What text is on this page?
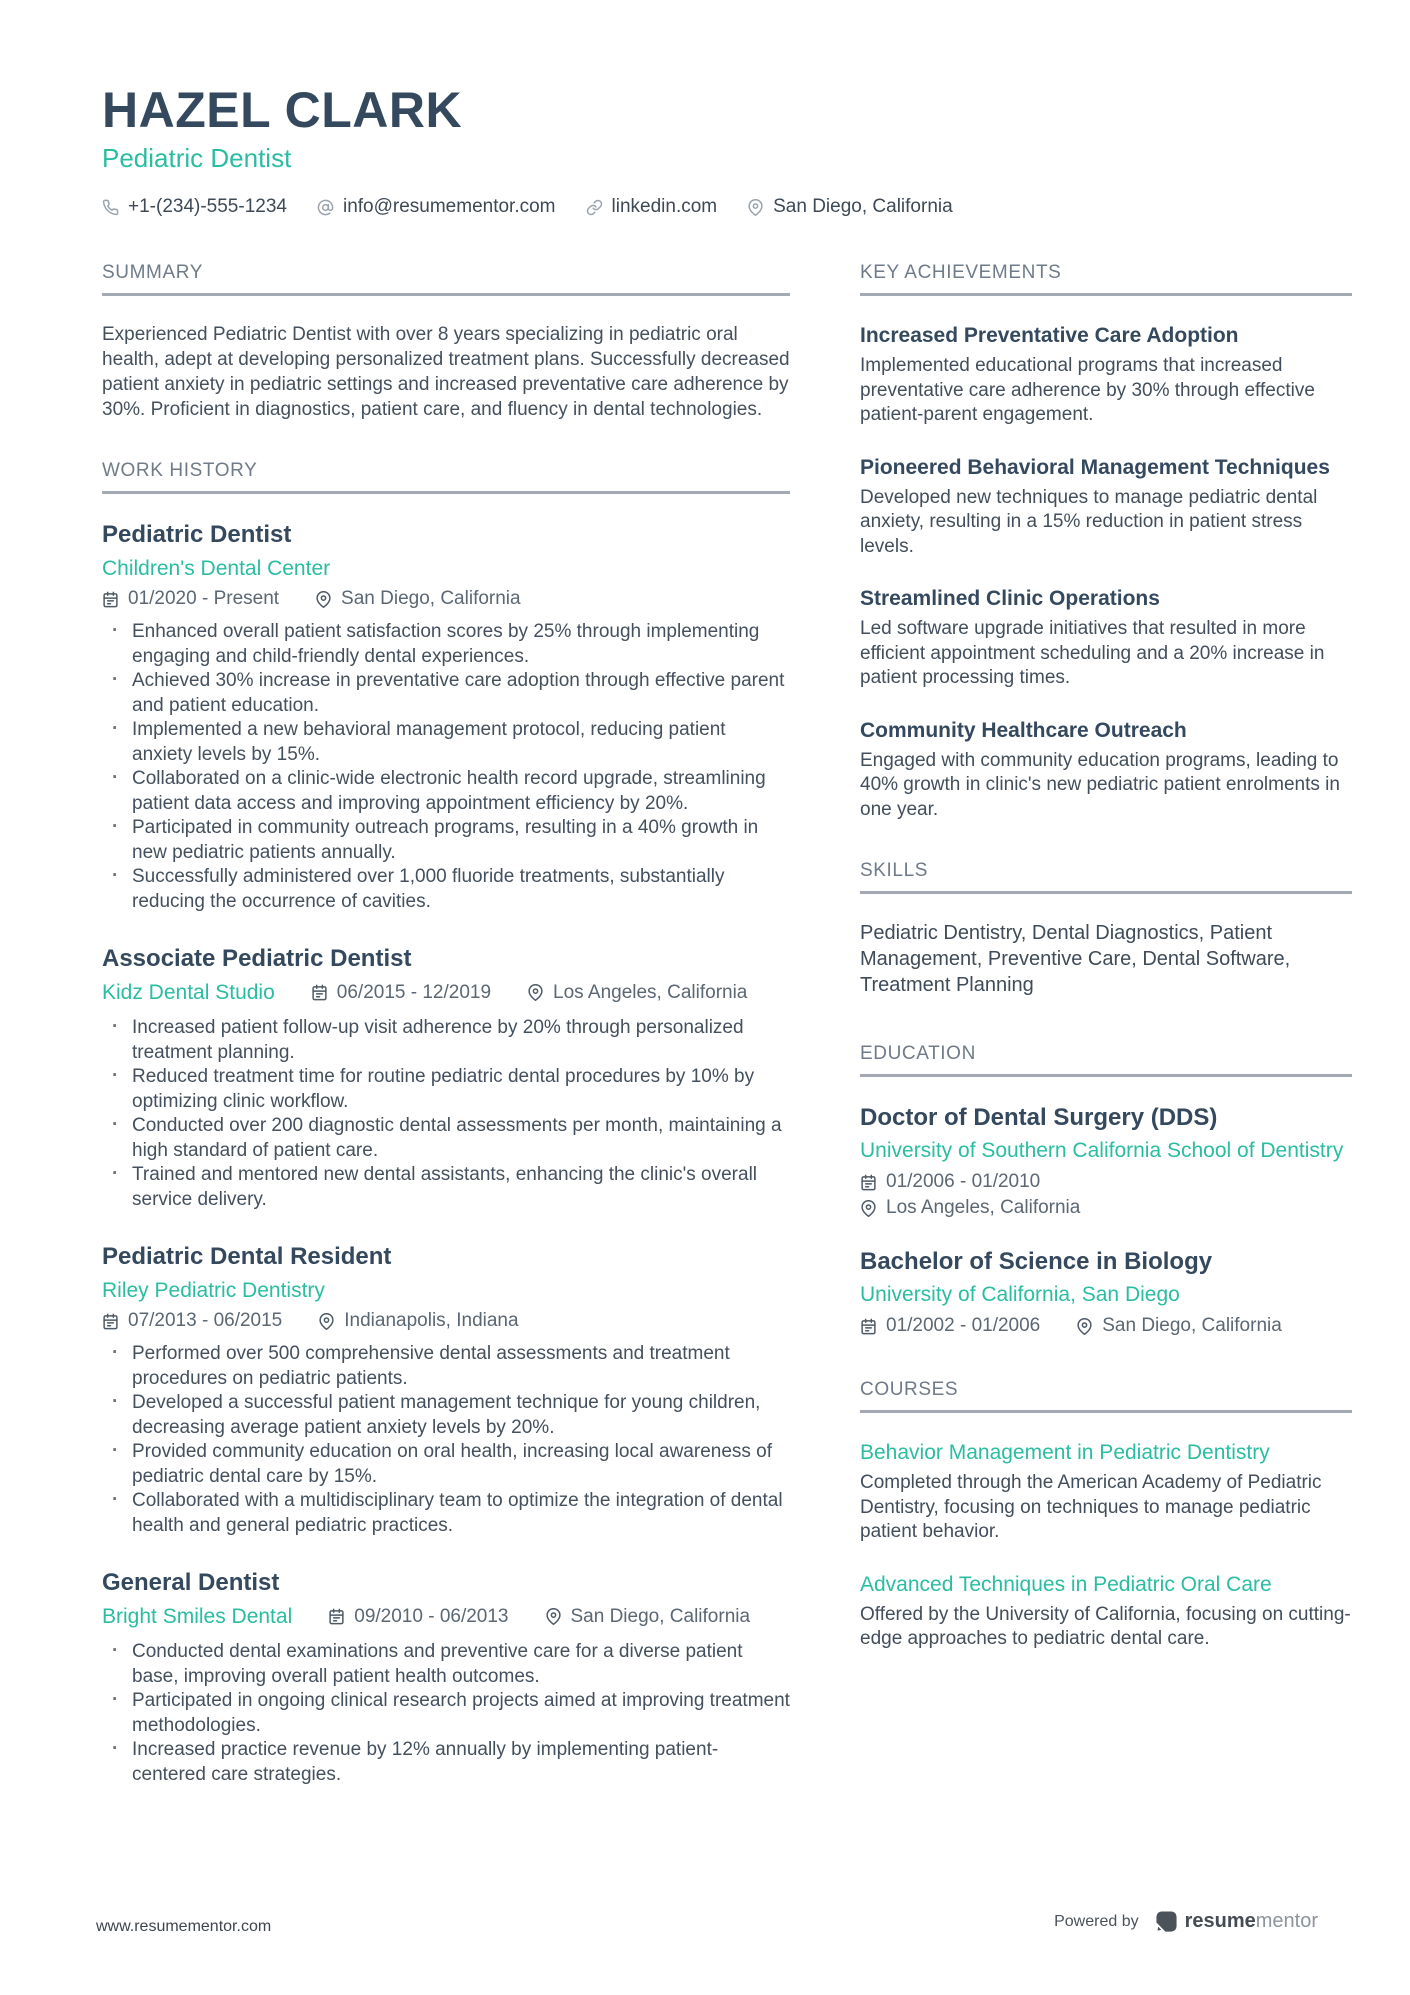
HAZEL CLARK
Pediatric Dentist
+1-(234)-555-1234	info@resumementor.com	linkedin.com	San Diego, California
SUMMARY
Experienced Pediatric Dentist with over 8 years specializing in pediatric oral health, adept at developing personalized treatment plans. Successfully decreased patient anxiety in pediatric settings and increased preventative care adherence by 30%. Proficient in diagnostics, patient care, and fluency in dental technologies.
WORK HISTORY
Pediatric Dentist
Children's Dental Center
01/2020 - Present	San Diego, California
· Enhanced overall patient satisfaction scores by 25% through implementing engaging and child-friendly dental experiences.
· Achieved 30% increase in preventative care adoption through effective parent and patient education.
· Implemented a new behavioral management protocol, reducing patient anxiety levels by 15%.
· Collaborated on a clinic-wide electronic health record upgrade, streamlining patient data access and improving appointment efficiency by 20%.
· Participated in community outreach programs, resulting in a 40% growth in new pediatric patients annually.
· Successfully administered over 1,000 fluoride treatments, substantially reducing the occurrence of cavities.
Associate Pediatric Dentist
Kidz Dental Studio	06/2015 - 12/2019	Los Angeles, California
· Increased patient follow-up visit adherence by 20% through personalized treatment planning.
· Reduced treatment time for routine pediatric dental procedures by 10% by optimizing clinic workflow.
· Conducted over 200 diagnostic dental assessments per month, maintaining a high standard of patient care.
· Trained and mentored new dental assistants, enhancing the clinic's overall service delivery.
Pediatric Dental Resident
Riley Pediatric Dentistry
07/2013 - 06/2015	Indianapolis, Indiana
· Performed over 500 comprehensive dental assessments and treatment procedures on pediatric patients.
· Developed a successful patient management technique for young children, decreasing average patient anxiety levels by 20%.
· Provided community education on oral health, increasing local awareness of pediatric dental care by 15%.
· Collaborated with a multidisciplinary team to optimize the integration of dental health and general pediatric practices.
General Dentist
Bright Smiles Dental	09/2010 - 06/2013	San Diego, California
· Conducted dental examinations and preventive care for a diverse patient base, improving overall patient health outcomes.
· Participated in ongoing clinical research projects aimed at improving treatment methodologies.
· Increased practice revenue by 12% annually by implementing patient-centered care strategies.
KEY ACHIEVEMENTS
Increased Preventative Care Adoption
Implemented educational programs that increased preventative care adherence by 30% through effective patient-parent engagement.
Pioneered Behavioral Management Techniques
Developed new techniques to manage pediatric dental anxiety, resulting in a 15% reduction in patient stress levels.
Streamlined Clinic Operations
Led software upgrade initiatives that resulted in more efficient appointment scheduling and a 20% increase in patient processing times.
Community Healthcare Outreach
Engaged with community education programs, leading to 40% growth in clinic's new pediatric patient enrolments in one year.
SKILLS
Pediatric Dentistry, Dental Diagnostics, Patient Management, Preventive Care, Dental Software, Treatment Planning
EDUCATION
Doctor of Dental Surgery (DDS)
University of Southern California School of Dentistry
01/2006 - 01/2010
Los Angeles, California
Bachelor of Science in Biology
University of California, San Diego
01/2002 - 01/2006	San Diego, California
COURSES
Behavior Management in Pediatric Dentistry
Completed through the American Academy of Pediatric Dentistry, focusing on techniques to manage pediatric patient behavior.
Advanced Techniques in Pediatric Oral Care
Offered by the University of California, focusing on cutting-edge approaches to pediatric dental care.
www.resumementor.com	Powered by resumementor
